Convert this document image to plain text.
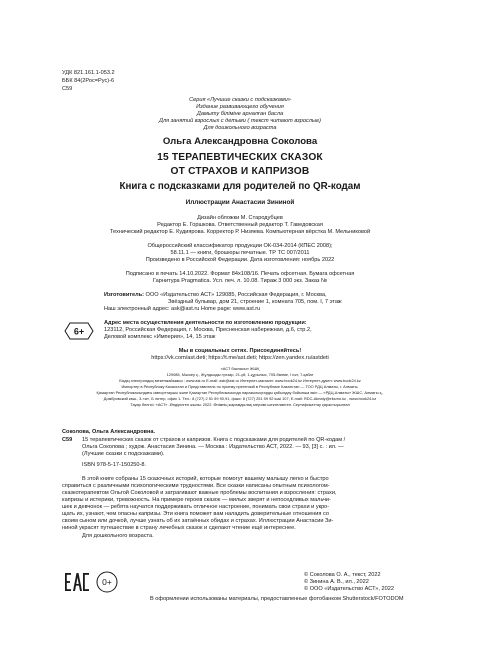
УДК 821.161.1-053.2
ББК 84(2Рос=Рус)-6
С59
Серия «Лучшие сказки с подсказками»
Издание развивающего обучения
Дамыту бiлiмiне арналған басла
Для занятий взрослых с детьми ( текст читают взрослые)
Для дошкольного возраста
Ольга Александровна Соколова
15 ТЕРАПЕВТИЧЕСКИХ СКАЗОК
ОТ СТРАХОВ И КАПРИЗОВ
Книга с подсказками для родителей по QR-кодам
Иллюстрации Анастасии Зининой
Дизайн обложки М. Стародубцев
Редактор Е. Горшкова. Ответственный редактор Т. Гаведовская
Технический редактор Е. Кудиярова. Корректор Р. Низяева. Компьютерная вёрстка М. Мельниковой
Общероссийский классификатор продукции ОК-034-2014 (КПЕС 2008);
58.11.1 — книги, брошюры печатные. ТР ТС 007/2011
Произведено в Российской Федерации. Дата изготовления: ноябрь 2022
Подписано в печать 14.10.2022. Формат 84x108/16. Печать офсетная. Бумага офсетная
Гарнитура Pragmatica. Усл. печ. л. 10.08. Тираж 3 000 экз. Заказ №
Изготовитель: ООО «Издательство АСТ» 129085, Российская Федерация, г. Москва,
Звёздный бульвар, дом 21, строение 1, комната 705, пом. I, 7 этаж
Наш электронный адрес: ask@ast.ru Home page: www.ast.ru
Адрес места осуществления деятельности по изготовлению продукции:
123112, Российская Федерация, г. Москва, Пресненская набережная, д.6, стр.2,
Деловой комплекс «Империя», 14, 15 этаж
6+
Мы в социальных сетях. Присоединяйтесь!
https://vk.com/ast.deti; https://t.me/ast.deti; https://zen.yandex.ru/astdeti
«АСТ баспасы» ЖШҚ
129085, Мәскеу қ., Жұлдызды гүлзар, 21-үй, 1-құрылыс, 705-бөлме, I пәт, 7-қабат
Біздің электрондық мекенжайымыз : www.ast.ru E-mail: ask@ast.ru Интернет-магазин: www.book24.kz Интернет-дукен: www.book24.kz
Импортер в Республику Казахстан и Представитель по приему претензий в Республике Казахстан — ТОО РДЦ Алматы, г. Алматы,
Қазақстан Республикасындағы импорттаушы және Қазақстан Республикасында наразылықтарды қабылдау бойынша өкіл — «РДЦ-Алматы» ЖШС, Алматы қ.,
Домбровский көш., 3-«а», Б литер, офис 1. Тел.: 8 (727) 2 51 59 90,91, факс: 8 (727) 251 59 92 ішкі 107; E-mail: RDC-Almaty@eksmo.kz , www.book24.kz
Тауар белгісі: «АСТ» -Өндірілген жылы: 2022. Өнімнің жарамдылық мерзімі шектелмеген. Сертификаттау қарастырылған
Соколова, Ольга Александровна.
С59 15 терапевтических сказок от страхов и капризов. Книга с подсказками для родителей по QR-кодам /
Ольга Соколова ; худож. Анастасия Зинина. — Москва : Издательство АСТ, 2022. — 93, [3] с. : ил. —
(Лучшие сказки с подсказками).
ISBN 978-5-17-150250-8.
В этой книге собраны 15 сказочных историй, которые помогут вашему малышу легко и быстро
справиться с различными психологическими трудностями. Все сказки написаны опытным психологом-
сказкотерапевтом Ольгой Соколовой и затрагивают важные проблемы воспитания и взросления: страхи,
капризы и истерики, тревожность. На примере героев сказок — милых зверят и непоседливых мальчи-
шек и девчонок — ребята научатся поддерживать отличное настроение, понимать свои страхи и укро-
щать их, узнают, чем опасны капризы. Эти книга поможет вам наладить доверительные отношения со
своим сыном или дочкой, лучше узнать об их затаённых обидах и страхах. Иллюстрации Анастасии Зи-
ниной украсят путешествие в страну лечебных сказок и сделают чтение ещё интереснее.
Для дошкольного возраста.
EAC
0+
© Соколова О. А., текст, 2022
© Зинина А. В., ил., 2022
© ООО «Издательство АСТ», 2022
В оформлении использованы материалы, предоставленные фотобанком Shutterstock/FOTODOM
